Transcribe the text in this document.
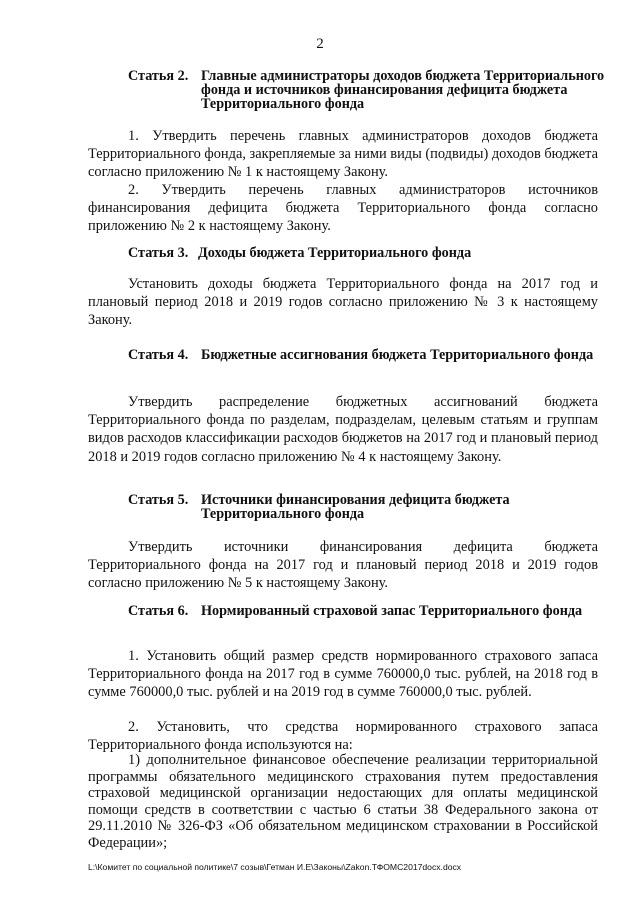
2
Статья 2. Главные администраторы доходов бюджета Территориального фонда и источников финансирования дефицита бюджета Территориального фонда

1. Утвердить перечень главных администраторов доходов бюджета Территориального фонда, закрепляемые за ними виды (подвиды) доходов бюджета согласно приложению № 1 к настоящему Закону.

2. Утвердить перечень главных администраторов источников финансирования дефицита бюджета Территориального фонда согласно приложению № 2 к настоящему Закону.

Статья 3. Доходы бюджета Территориального фонда

Установить доходы бюджета Территориального фонда на 2017 год и плановый период 2018 и 2019 годов согласно приложению № 3 к настоящему Закону.

Статья 4. Бюджетные ассигнования бюджета Территориального фонда

Утвердить распределение бюджетных ассигнований бюджета Территориального фонда по разделам, подразделам, целевым статьям и группам видов расходов классификации расходов бюджетов на 2017 год и плановый период 2018 и 2019 годов согласно приложению № 4 к настоящему Закону.

Статья 5. Источники финансирования дефицита бюджета Территориального фонда

Утвердить источники финансирования дефицита бюджета Территориального фонда на 2017 год и плановый период 2018 и 2019 годов согласно приложению № 5 к настоящему Закону.

Статья 6. Нормированный страховой запас Территориального фонда

1. Установить общий размер средств нормированного страхового запаса Территориального фонда на 2017 год в сумме 760000,0 тыс. рублей, на 2018 год в сумме 760000,0 тыс. рублей и на 2019 год в сумме 760000,0 тыс. рублей.

2. Установить, что средства нормированного страхового запаса Территориального фонда используются на:

1) дополнительное финансовое обеспечение реализации территориальной программы обязательного медицинского страхования путем предоставления страховой медицинской организации недостающих для оплаты медицинской помощи средств в соответствии с частью 6 статьи 38 Федерального закона от 29.11.2010 № 326-ФЗ «Об обязательном медицинском страховании в Российской Федерации»;

L:\Комитет по социальной политике\7 созыв\Гетман И.Е\Законы\Zakon.ТФОМС2017docx.docx
